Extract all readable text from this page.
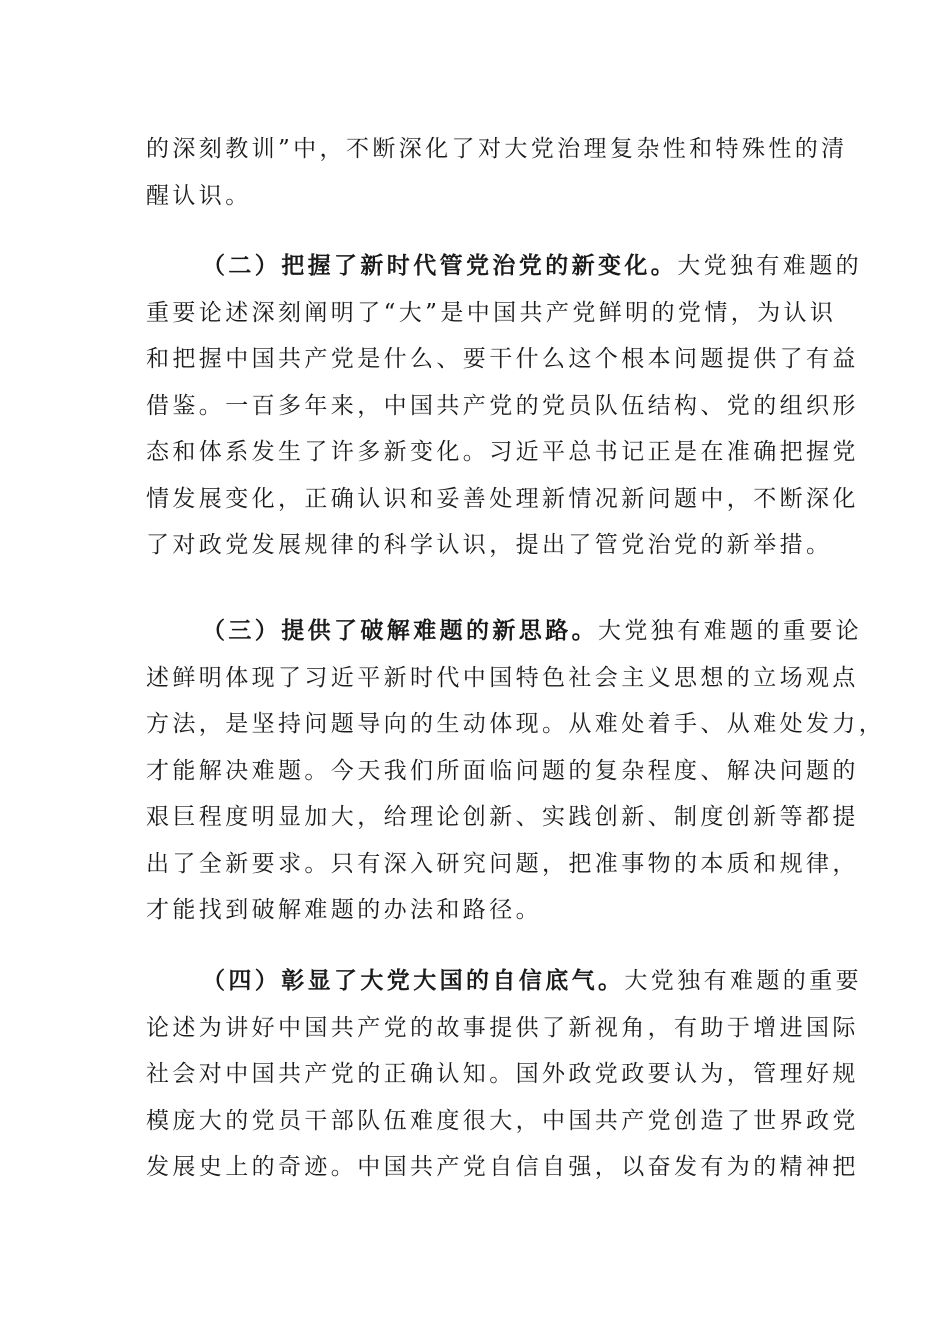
的深刻教训”中，不断深化了对大党治理复杂性和特殊性的清
醒认识。
（二）把握了新时代管党治党的新变化。大党独有难题的
重要论述深刻阐明了“大”是中国共产党鲜明的党情，为认识
和把握中国共产党是什么、要干什么这个根本问题提供了有益
借鉴。一百多年来，中国共产党的党员队伍结构、党的组织形
态和体系发生了许多新变化。习近平总书记正是在准确把握党
情发展变化，正确认识和妥善处理新情况新问题中，不断深化
了对政党发展规律的科学认识，提出了管党治党的新举措。
（三）提供了破解难题的新思路。大党独有难题的重要论
述鲜明体现了习近平新时代中国特色社会主义思想的立场观点
方法，是坚持问题导向的生动体现。从难处着手、从难处发力，
才能解决难题。今天我们所面临问题的复杂程度、解决问题的
艰巨程度明显加大，给理论创新、实践创新、制度创新等都提
出了全新要求。只有深入研究问题，把准事物的本质和规律，
才能找到破解难题的办法和路径。
（四）彰显了大党大国的自信底气。大党独有难题的重要
论述为讲好中国共产党的故事提供了新视角，有助于增进国际
社会对中国共产党的正确认知。国外政党政要认为，管理好规
模庞大的党员干部队伍难度很大，中国共产党创造了世界政党
发展史上的奇迹。中国共产党自信自强，以奋发有为的精神把
